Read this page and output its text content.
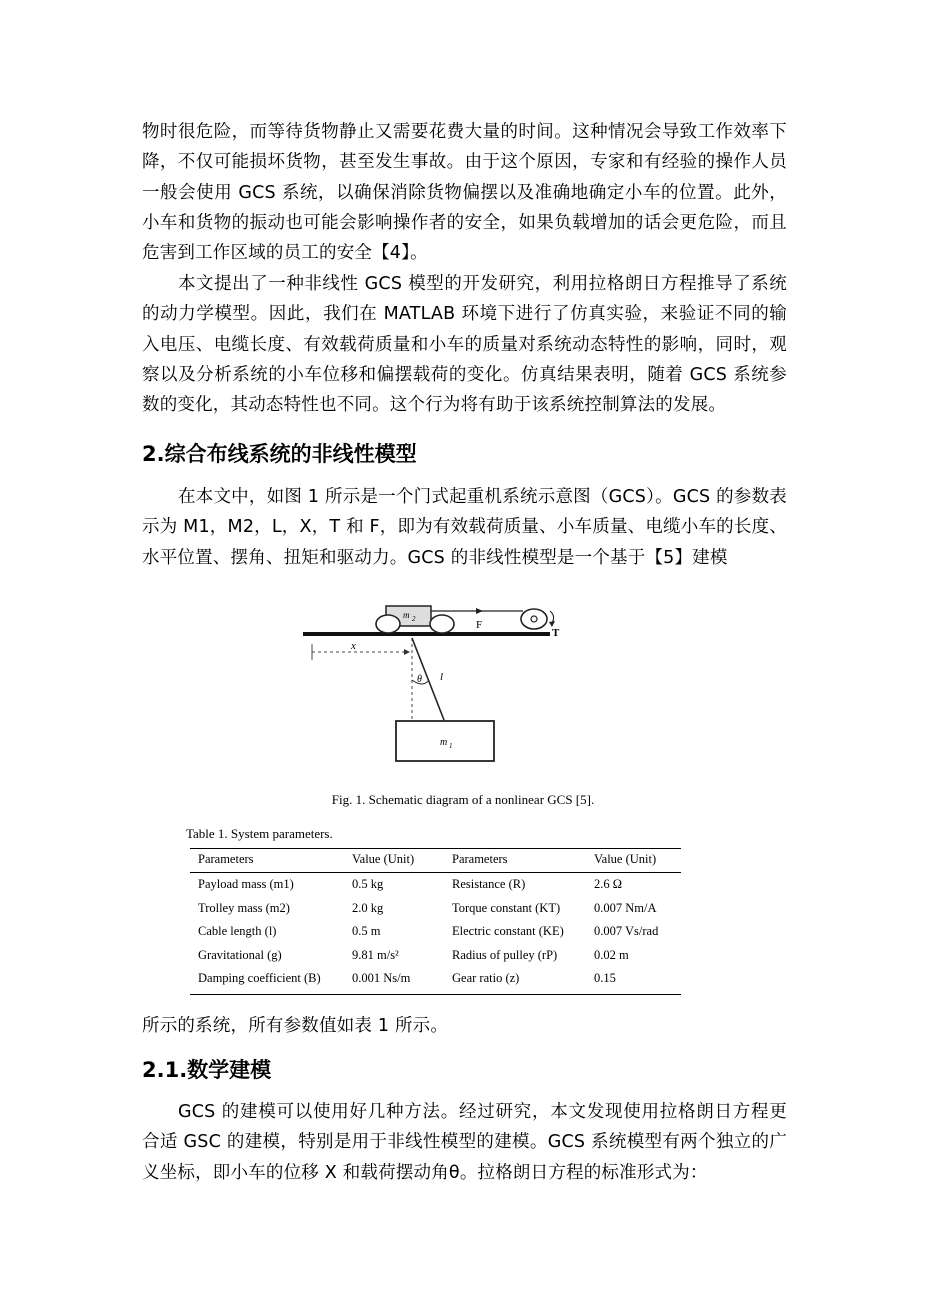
物时很危险，而等待货物静止又需要花费大量的时间。这种情况会导致工作效率下降，不仅可能损坏货物，甚至发生事故。由于这个原因，专家和有经验的操作人员一般会使用 GCS 系统，以确保消除货物偏摆以及准确地确定小车的位置。此外，小车和货物的振动也可能会影响操作者的安全，如果负载增加的话会更危险，而且危害到工作区域的员工的安全【4】。

本文提出了一种非线性 GCS 模型的开发研究，利用拉格朗日方程推导了系统的动力学模型。因此，我们在 MATLAB 环境下进行了仿真实验，来验证不同的输入电压、电缆长度、有效载荷质量和小车的质量对系统动态特性的影响，同时，观察以及分析系统的小车位移和偏摆载荷的变化。仿真结果表明，随着 GCS 系统参数的变化，其动态特性也不同。这个行为将有助于该系统控制算法的发展。

2.综合布线系统的非线性模型

在本文中，如图 1 所示是一个门式起重机系统示意图（GCS）。GCS 的参数表示为 M1，M2，L，X，T 和 F，即为有效载荷质量、小车质量、电缆小车的长度、水平位置、摆角、扭矩和驱动力。GCS 的非线性模型是一个基于【5】建模

m 2	F
T
x
θ l
m 1
Fig. 1. Schematic diagram of a nonlinear GCS [5].
Table 1. System parameters.
Parameters	Value (Unit)	Parameters	Value (Unit)
Payload mass (m1)	0.5 kg	Resistance (R)	2.6 Ω
Trolley mass (m2)	2.0 kg	Torque constant (KT)	0.007 Nm/A
Cable length (l)	0.5 m	Electric constant (KE)	0.007 Vs/rad
Gravitational (g)	9.81 m/s²	Radius of pulley (rP)	0.02 m
Damping coefficient (B)	0.001 Ns/m	Gear ratio (z)	0.15

所示的系统，所有参数值如表 1 所示。

2.1.数学建模

GCS 的建模可以使用好几种方法。经过研究，本文发现使用拉格朗日方程更合适 GSC 的建模，特别是用于非线性模型的建模。GCS 系统模型有两个独立的广义坐标，即小车的位移 X 和载荷摆动角θ。拉格朗日方程的标准形式为：
